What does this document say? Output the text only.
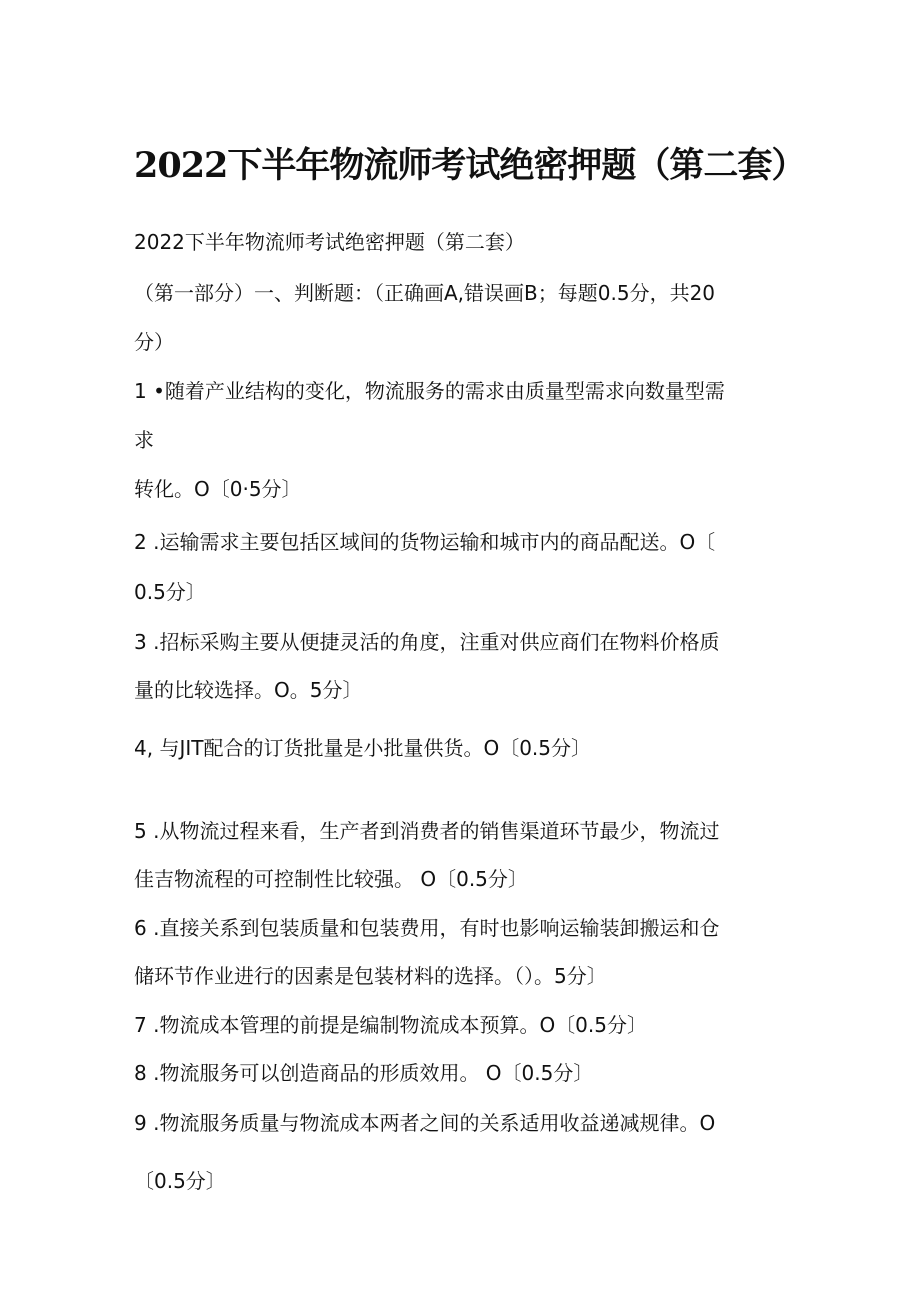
2022下半年物流师考试绝密押题（第二套）
2022下半年物流师考试绝密押题（第二套）
（第一部分）一、判断题：（正确画A,错误画B；每题0.5分，共20
分）
1 •随着产业结构的变化，物流服务的需求由质量型需求向数量型需
求
转化。O〔0·5分〕
2 .运输需求主要包括区域间的货物运输和城市内的商品配送。O〔
0.5分〕
3 .招标采购主要从便捷灵活的角度，注重对供应商们在物料价格质
量的比较选择。O。5分〕
4, 与JIT配合的订货批量是小批量供货。O〔0.5分〕
5 .从物流过程来看，生产者到消费者的销售渠道环节最少，物流过
佳吉物流程的可控制性比较强。 O〔0.5分〕
6 .直接关系到包装质量和包装费用，有时也影响运输装卸搬运和仓
储环节作业进行的因素是包装材料的选择。（）。5分〕
7 .物流成本管理的前提是编制物流成本预算。O〔0.5分〕
8 .物流服务可以创造商品的形质效用。 O〔0.5分〕
9 .物流服务质量与物流成本两者之间的关系适用收益递减规律。O
〔0.5分〕
